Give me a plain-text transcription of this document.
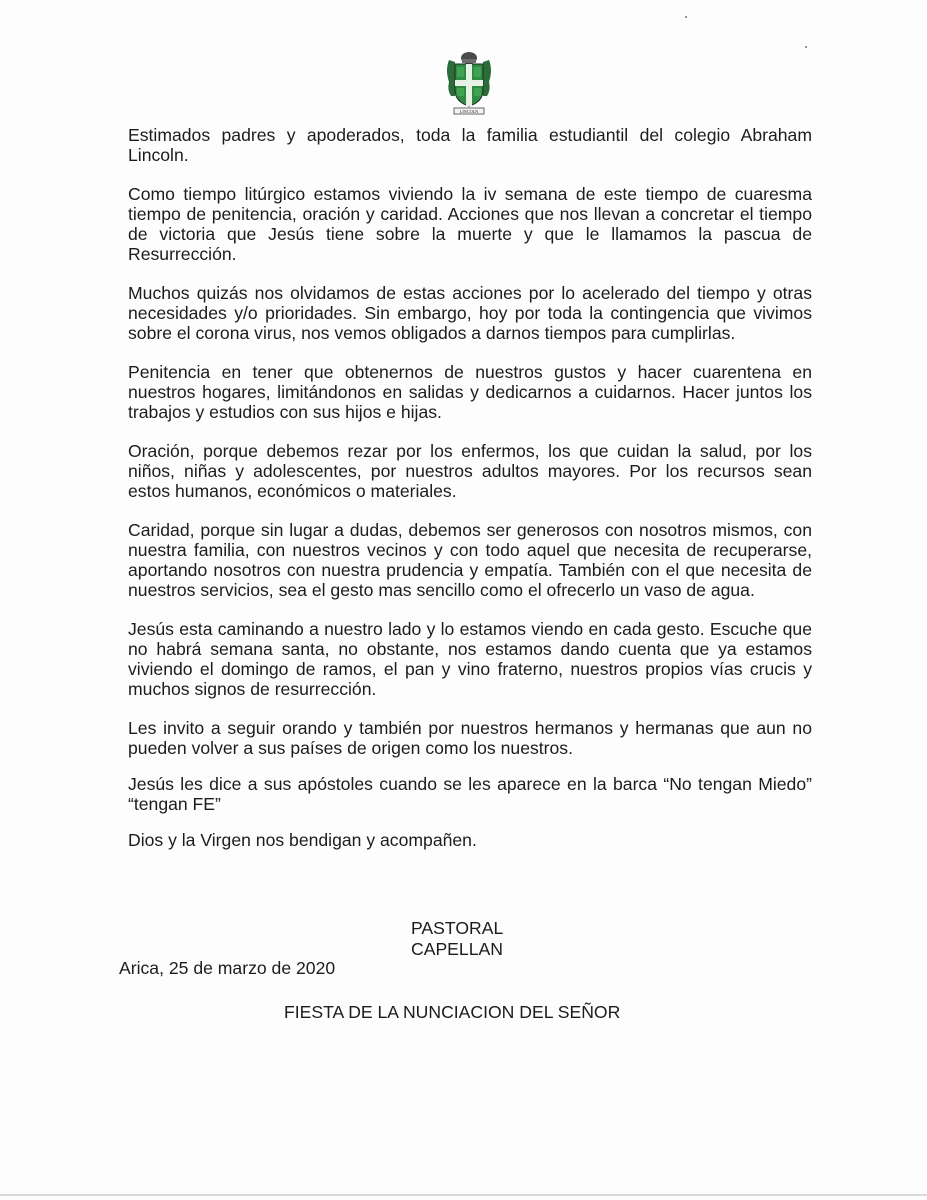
LINCOLN

Estimados padres y apoderados, toda la familia estudiantil del colegio Abraham Lincoln.

Como tiempo litúrgico estamos viviendo la iv semana de este tiempo de cuaresma tiempo de penitencia, oración y caridad. Acciones que nos llevan a concretar el tiempo de victoria que Jesús tiene sobre la muerte y que le llamamos la pascua de Resurrección.

Muchos quizás nos olvidamos de estas acciones por lo acelerado del tiempo y otras necesidades y/o prioridades. Sin embargo, hoy por toda la contingencia que vivimos sobre el corona virus, nos vemos obligados a darnos tiempos para cumplirlas.

Penitencia en tener que obtenernos de nuestros gustos y hacer cuarentena en nuestros hogares, limitándonos en salidas y dedicarnos a cuidarnos. Hacer juntos los trabajos y estudios con sus hijos e hijas.

Oración, porque debemos rezar por los enfermos, los que cuidan la salud, por los niños, niñas y adolescentes, por nuestros adultos mayores. Por los recursos sean estos humanos, económicos o materiales.

Caridad, porque sin lugar a dudas, debemos ser generosos con nosotros mismos, con nuestra familia, con nuestros vecinos y con todo aquel que necesita de recuperarse, aportando nosotros con nuestra prudencia y empatía. También con el que necesita de nuestros servicios, sea el gesto mas sencillo como el ofrecerlo un vaso de agua.

Jesús esta caminando a nuestro lado y lo estamos viendo en cada gesto. Escuche que no habrá semana santa, no obstante, nos estamos dando cuenta que ya estamos viviendo el domingo de ramos, el pan y vino fraterno, nuestros propios vías crucis y muchos signos de resurrección.

Les invito a seguir orando y también por nuestros hermanos y hermanas que aun no pueden volver a sus países de origen como los nuestros.

Jesús les dice a sus apóstoles cuando se les aparece en la barca “No tengan Miedo” “tengan FE”

Dios y la Virgen nos bendigan y acompañen.

PASTORAL
CAPELLAN
Arica, 25 de marzo de 2020
FIESTA DE LA NUNCIACION DEL SEÑOR
